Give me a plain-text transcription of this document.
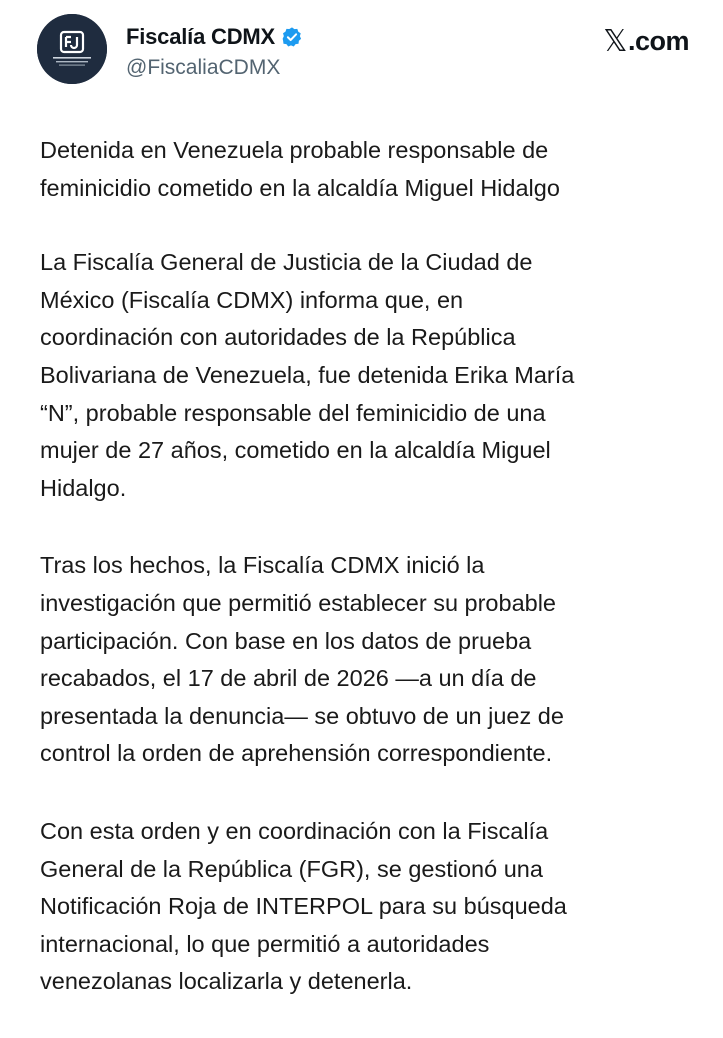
Fiscalía CDMX
@FiscaliaCDMX
𝕏 .com

Detenida en Venezuela probable responsable de
feminicidio cometido en la alcaldía Miguel Hidalgo

La Fiscalía General de Justicia de la Ciudad de
México (Fiscalía CDMX) informa que, en
coordinación con autoridades de la República
Bolivariana de Venezuela, fue detenida Erika María
“N”, probable responsable del feminicidio de una
mujer de 27 años, cometido en la alcaldía Miguel
Hidalgo.

Tras los hechos, la Fiscalía CDMX inició la
investigación que permitió establecer su probable
participación. Con base en los datos de prueba
recabados, el 17 de abril de 2026 —a un día de
presentada la denuncia— se obtuvo de un juez de
control la orden de aprehensión correspondiente.

Con esta orden y en coordinación con la Fiscalía
General de la República (FGR), se gestionó una
Notificación Roja de INTERPOL para su búsqueda
internacional, lo que permitió a autoridades
venezolanas localizarla y detenerla.
